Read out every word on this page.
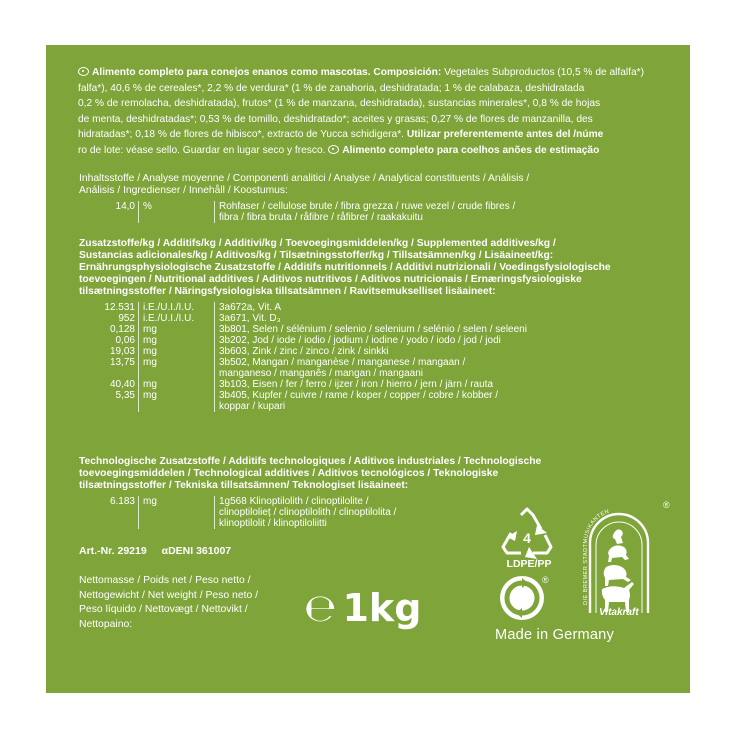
Alimento completo para conejos enanos como mascotas. Composición: Vegetales Subproductos (10,5 % de alfalfa*)
falfa*), 40,6 % de cereales*, 2,2 % de verdura* (1 % de zanahoria, deshidratada; 1 % de calabaza, deshidratada
0,2 % de remolacha, deshidratada), frutos* (1 % de manzana, deshidratada), sustancias minerales*, 0,8 % de hojas
de menta, deshidratadas*; 0,53 % de tomillo, deshidratado*; aceites y grasas; 0,27 % de flores de manzanilla, des
hidratadas*; 0,18 % de flores de hibisco*, extracto de Yucca schidigera*. Utilizar preferentemente antes del /núme
ro de lote: véase sello. Guardar en lugar seco y fresco. Alimento completo para coelhos anões de estimação
Inhaltsstoffe / Analyse moyenne / Componenti analitici / Analyse / Analytical constituents / Análisis /
Análisis / Ingredienser / Innehåll / Koostumus:
14,0 %	Rohfaser / cellulose brute / fibra grezza / ruwe vezel / crude fibres /
fibra / fibra bruta / råfibre / råfibrer / raakakuitu
Zusatzstoffe/kg / Additifs/kg / Additivi/kg / Toevoegingsmiddelen/kg / Supplemented additives/kg /
Sustancias adicionales/kg / Aditivos/kg / Tilsætningsstoffer/kg / Tillsatsämnen/kg / Lisäaineet/kg:
Ernährungsphysiologische Zusatzstoffe / Additifs nutritionnels / Additivi nutrizionali / Voedingsfysiologische
toevoegingen / Nutritional additives / Aditivos nutritivos / Aditivos nutricionais / Ernæringsfysiologiske
tilsætningsstoffer / Näringsfysiologiska tillsatsämnen / Ravitsemukselliset lisäaineet:
12.531 i.E./U.I./I.U.	3a672a, Vit. A
952 i.E./U.I./I.U.	3a671, Vit. D₃
0,128 mg	3b801, Selen / sélénium / selenio / selenium / selénio / selen / seleeni
0,06 mg	3b202, Jod / iode / iodio / jodium / iodine / yodo / iodo / jod / jodi
19,03 mg	3b603, Zink / zinc / zinco / zink / sinkki
13,75 mg	3b502, Mangan / manganèse / manganese / mangaan /
manganeso / manganês / mangan / mangaani
40,40 mg	3b103, Eisen / fer / ferro / ijzer / iron / hierro / jern / järn / rauta
5,35 mg	3b405, Kupfer / cuivre / rame / koper / copper / cobre / kobber /
koppar / kupari
Technologische Zusatzstoffe / Additifs technologiques / Aditivos industriales / Technologische
toevoegingsmiddelen / Technological additives / Aditivos tecnológicos / Teknologiske
tilsætningsstoffer / Tekniska tillsatsämnen/ Teknologiset lisäaineet:
6.183 mg	1g568 Klinoptilolith / clinoptilolite /
clinoptilolieț / clinoptilolith / clinoptilolita /
klinoptilolit / klinoptiloliitti
Art.-Nr. 29219 αDENI 361007
Nettomasse / Poids net / Peso netto /
Nettogewicht / Net weight / Peso neto /
Peso líquido / Nettovægt / Nettovikt /
Nettopaino:	℮ 1kg
4
LDPE/PP
®
DIE BREMER STADTMUSIKANTEN
®
Vitakraft
Made in Germany
